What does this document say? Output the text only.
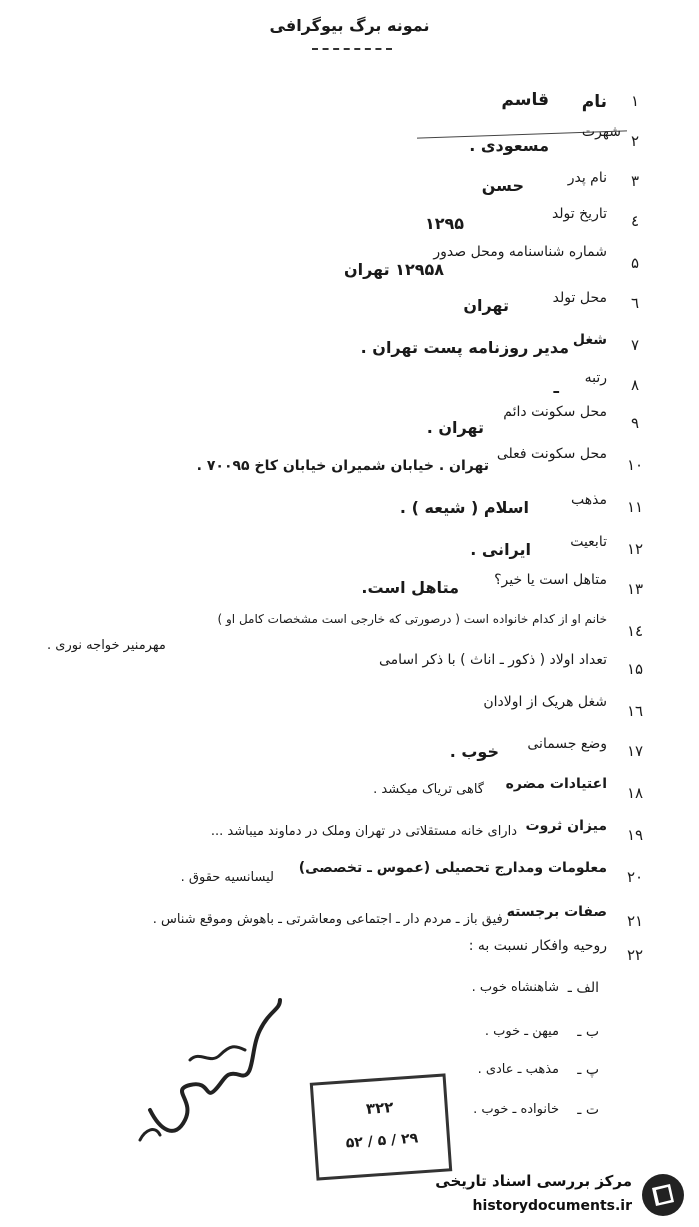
نمونه برگ بیوگرافی
۱
نام
قاسم
۲
شهرت
مسعودی .
۳
نام پدر
حسن
٤
تاریخ تولد
۱۲۹۵
۵
شماره شناسنامه ومحل صدور
۱۲۹۵۸ تهران
٦
محل تولد
تهران
۷
شغل
مدیر روزنامه پست تهران .
۸
رتبه
ـ
۹
محل سکونت دائم
تهران .
۱۰
محل سکونت فعلی
تهران . خیابان شمیران خیابان کاخ ۷۰۰۹۵ .
۱۱
مذهب
اسلام ( شیعه ) .
۱۲
تابعیت
ایرانی .
۱۳
متاهل است یا خیر؟
متاهل است.
۱٤
خانم او از کدام خانواده است ( درصورتی که خارجی است مشخصات کامل او )
مهرمنیر خواجه نوری .
۱۵
تعداد اولاد ( ذکور ـ اناث ) با ذکر اسامی
۱٦
شغل هریک از اولادان
۱۷
وضع جسمانی
خوب .
۱۸
اعتیادات مضره
گاهی تریاک میکشد .
۱۹
میزان ثروت
دارای خانه مستقلاتی در تهران وملک در دماوند میباشد ...
۲۰
معلومات ومدارج تحصیلی (عموس ـ تخصصی)
لیسانسیه حقوق .
۲۱
صفات برجسته
رفیق باز ـ مردم دار ـ اجتماعی ومعاشرتی ـ باهوش وموقع شناس .
۲۲
روحیه وافکار نسبت به :
الف ـ
شاهنشاه خوب .
ب ـ
میهن ـ خوب .
پ ـ
مذهب ـ عادی .
ت ـ
خانواده ـ خوب .
۳۲۲
۲۹ / ۵ / ۵۲
مرکز بررسی اسناد تاریخی
historydocuments.ir
